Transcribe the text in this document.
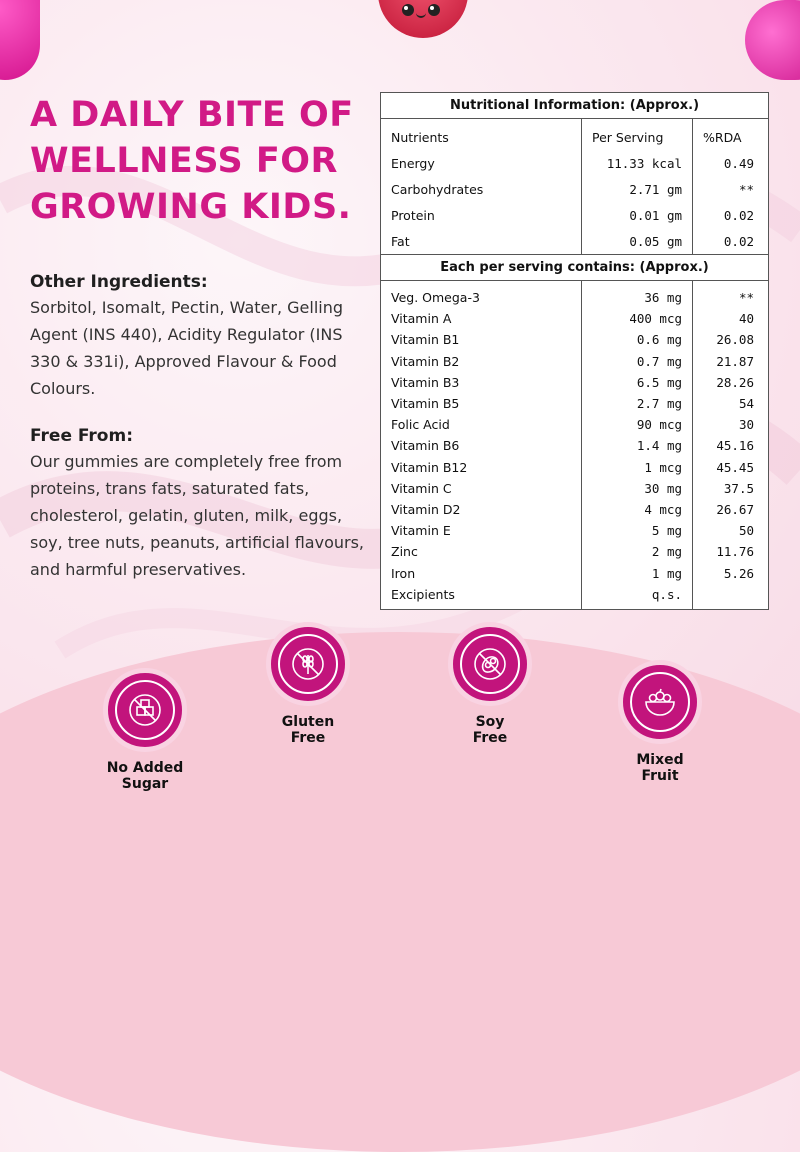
A DAILY BITE OF
WELLNESS FOR
GROWING KIDS.
Other Ingredients:

Sorbitol, Isomalt, Pectin, Water, Gelling Agent (INS 440), Acidity Regulator (INS 330 & 331i), Approved Flavour & Food Colours.

Free From:

Our gummies are completely free from proteins, trans fats, saturated fats, cholesterol, gelatin, gluten, milk, eggs, soy, tree nuts, peanuts, artificial flavours, and harmful preservatives.

Nutritional Information: (Approx.)
Nutrients	Per Serving	%RDA
Energy	11.33 kcal	0.49
Carbohydrates	2.71 gm	**
Protein	0.01 gm	0.02
Fat	0.05 gm	0.02
Each per serving contains: (Approx.)
Veg. Omega-3	36 mg	**
Vitamin A	400 mcg	40
Vitamin B1	0.6 mg	26.08
Vitamin B2	0.7 mg	21.87
Vitamin B3	6.5 mg	28.26
Vitamin B5	2.7 mg	54
Folic Acid	90 mcg	30
Vitamin B6	1.4 mg	45.16
Vitamin B12	1 mcg	45.45
Vitamin C	30 mg	37.5
Vitamin D2	4 mcg	26.67
Vitamin E	5 mg	50
Zinc	2 mg	11.76
Iron	1 mg	5.26
Excipients	q.s.	
No Added
Sugar
Gluten
Free
Soy
Free
Mixed
Fruit
